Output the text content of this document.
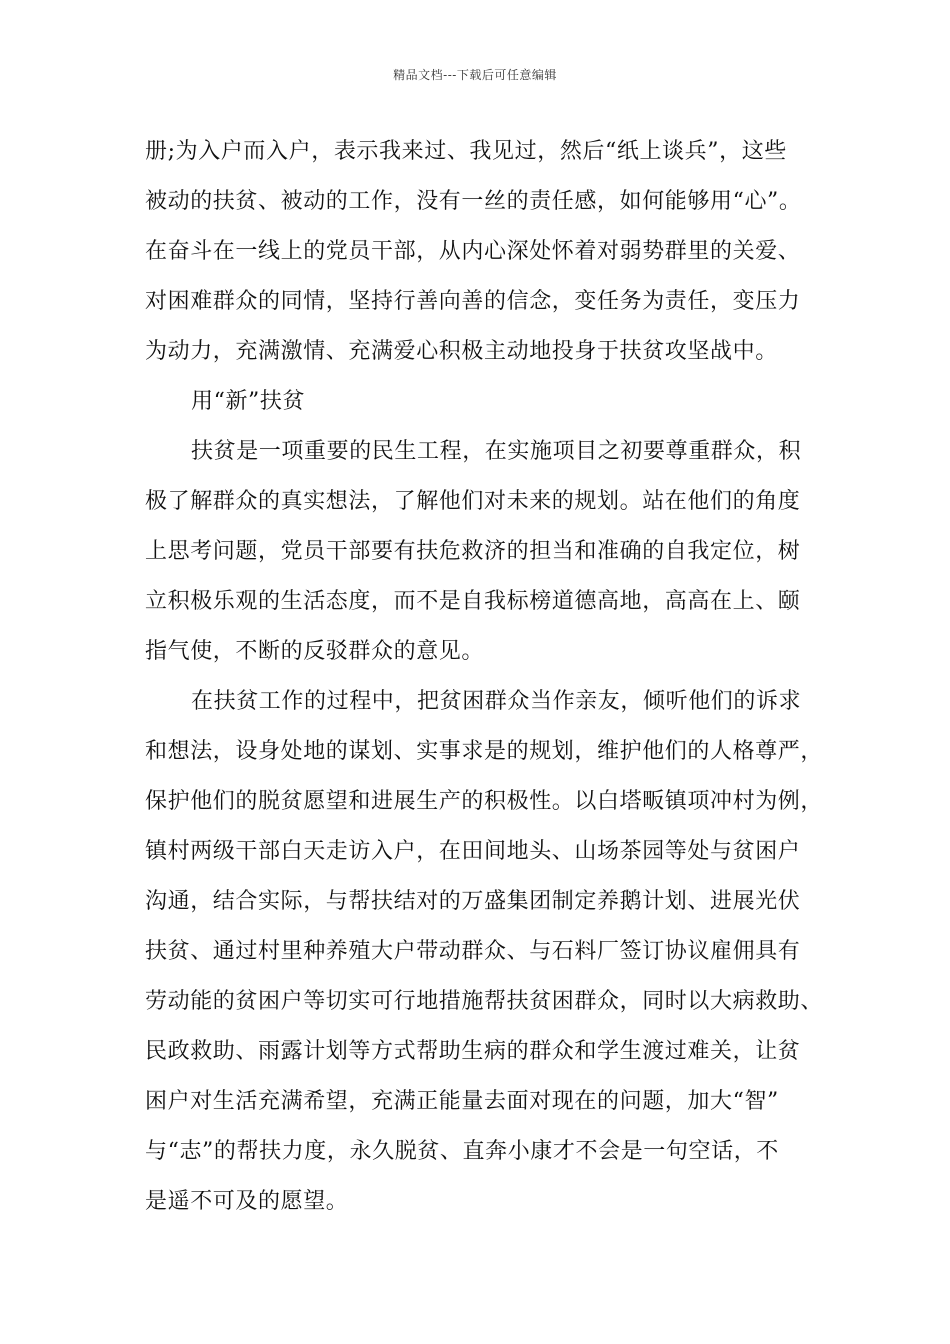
精品文档---下载后可任意编辑
册;为入户而入户，表示我来过、我见过，然后“纸上谈兵”，这些
被动的扶贫、被动的工作，没有一丝的责任感，如何能够用“心”。
在奋斗在一线上的党员干部，从内心深处怀着对弱势群里的关爱、
对困难群众的同情，坚持行善向善的信念，变任务为责任，变压力
为动力，充满激情、充满爱心积极主动地投身于扶贫攻坚战中。
用“新”扶贫
扶贫是一项重要的民生工程，在实施项目之初要尊重群众，积
极了解群众的真实想法，了解他们对未来的规划。站在他们的角度
上思考问题，党员干部要有扶危救济的担当和准确的自我定位，树
立积极乐观的生活态度，而不是自我标榜道德高地，高高在上、颐
指气使，不断的反驳群众的意见。
在扶贫工作的过程中，把贫困群众当作亲友，倾听他们的诉求
和想法，设身处地的谋划、实事求是的规划，维护他们的人格尊严，
保护他们的脱贫愿望和进展生产的积极性。以白塔畈镇项冲村为例，
镇村两级干部白天走访入户，在田间地头、山场茶园等处与贫困户
沟通，结合实际，与帮扶结对的万盛集团制定养鹅计划、进展光伏
扶贫、通过村里种养殖大户带动群众、与石料厂签订协议雇佣具有
劳动能的贫困户等切实可行地措施帮扶贫困群众，同时以大病救助、
民政救助、雨露计划等方式帮助生病的群众和学生渡过难关，让贫
困户对生活充满希望，充满正能量去面对现在的问题，加大“智”
与“志”的帮扶力度，永久脱贫、直奔小康才不会是一句空话，不
是遥不可及的愿望。
